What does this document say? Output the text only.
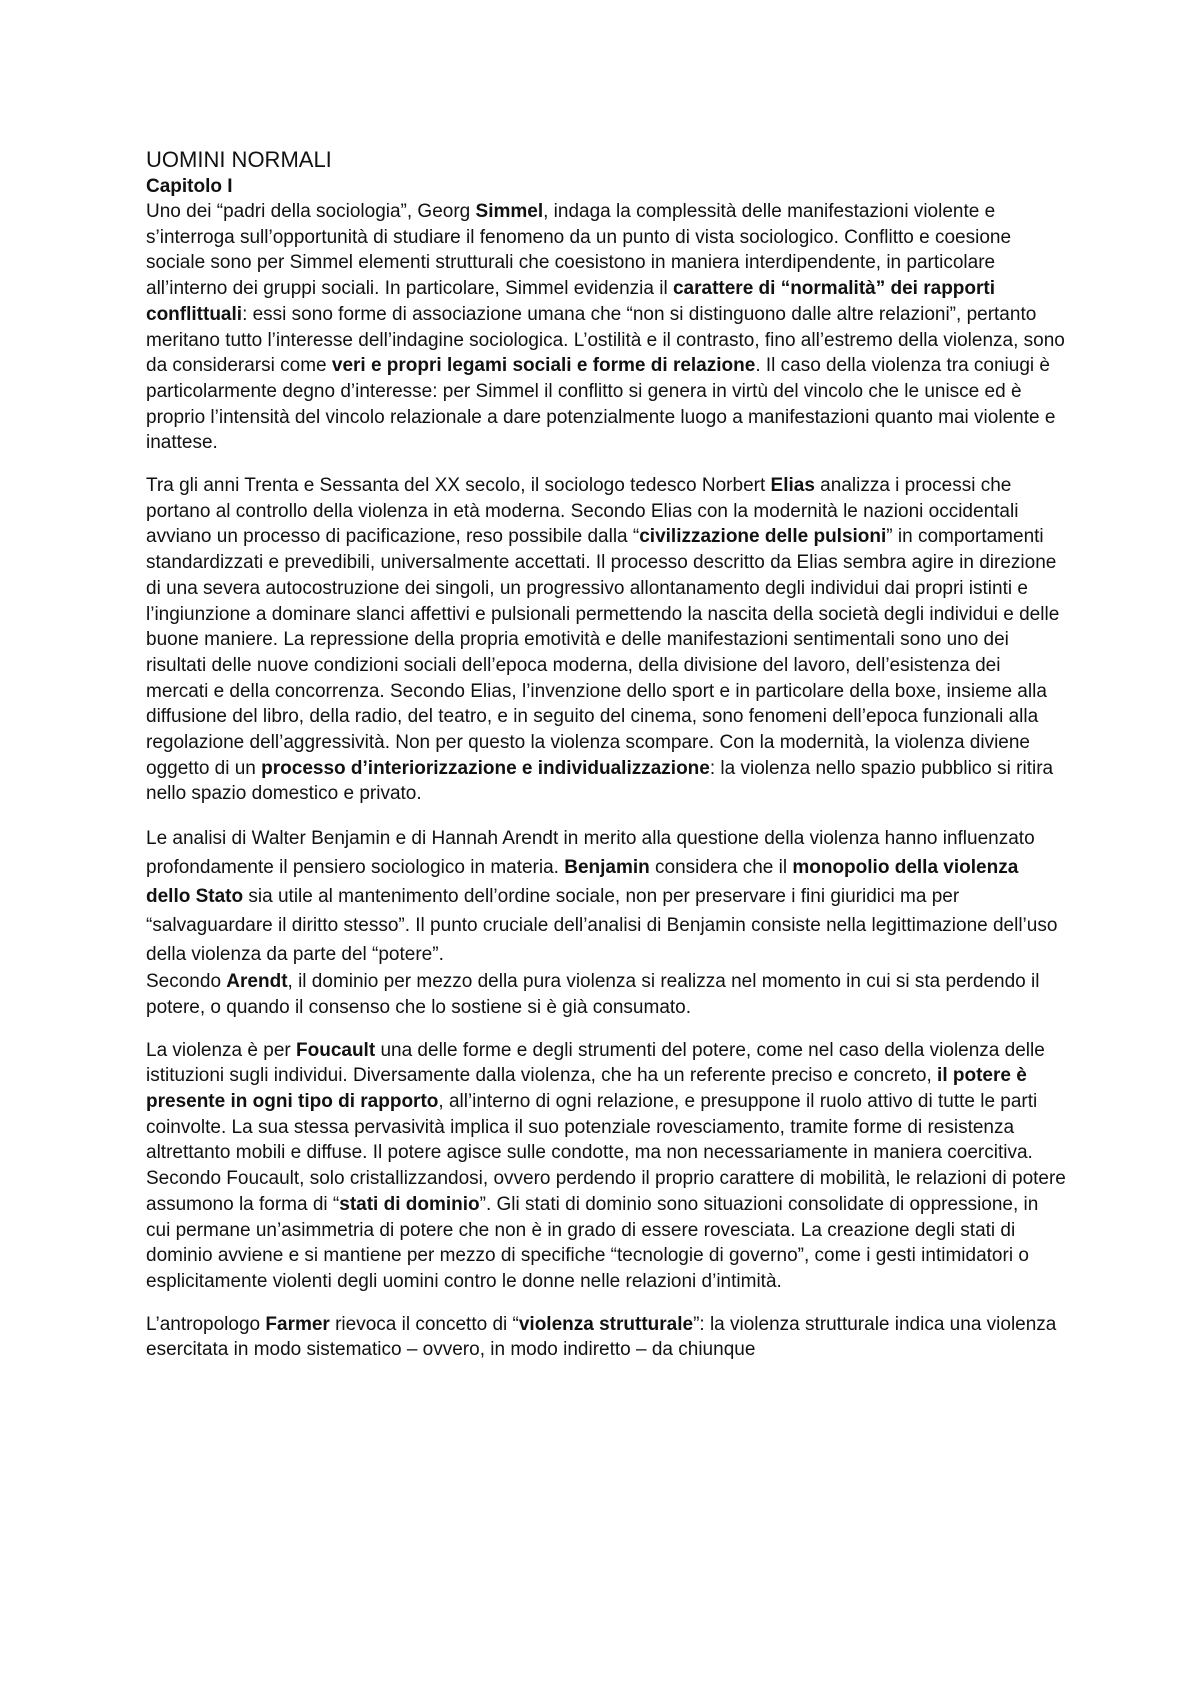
UOMINI NORMALI

Capitolo I

Uno dei “padri della sociologia”, Georg Simmel, indaga la complessità delle manifestazioni violente e s’interroga sull’opportunità di studiare il fenomeno da un punto di vista sociologico. Conflitto e coesione sociale sono per Simmel elementi strutturali che coesistono in maniera interdipendente, in particolare all’interno dei gruppi sociali. In particolare, Simmel evidenzia il carattere di “normalità” dei rapporti conflittuali: essi sono forme di associazione umana che “non si distinguono dalle altre relazioni”, pertanto meritano tutto l’interesse dell’indagine sociologica. L’ostilità e il contrasto, fino all’estremo della violenza, sono da considerarsi come veri e propri legami sociali e forme di relazione. Il caso della violenza tra coniugi è particolarmente degno d’interesse: per Simmel il conflitto si genera in virtù del vincolo che le unisce ed è proprio l’intensità del vincolo relazionale a dare potenzialmente luogo a manifestazioni quanto mai violente e inattese.

Tra gli anni Trenta e Sessanta del XX secolo, il sociologo tedesco Norbert Elias analizza i processi che portano al controllo della violenza in età moderna. Secondo Elias con la modernità le nazioni occidentali avviano un processo di pacificazione, reso possibile dalla “civilizzazione delle pulsioni” in comportamenti standardizzati e prevedibili, universalmente accettati. Il processo descritto da Elias sembra agire in direzione di una severa autocostruzione dei singoli, un progressivo allontanamento degli individui dai propri istinti e l’ingiunzione a dominare slanci affettivi e pulsionali permettendo la nascita della società degli individui e delle buone maniere. La repressione della propria emotività e delle manifestazioni sentimentali sono uno dei risultati delle nuove condizioni sociali dell’epoca moderna, della divisione del lavoro, dell’esistenza dei mercati e della concorrenza. Secondo Elias, l’invenzione dello sport e in particolare della boxe, insieme alla diffusione del libro, della radio, del teatro, e in seguito del cinema, sono fenomeni dell’epoca funzionali alla regolazione dell’aggressività. Non per questo la violenza scompare. Con la modernità, la violenza diviene oggetto di un processo d’interiorizzazione e individualizzazione: la violenza nello spazio pubblico si ritira nello spazio domestico e privato.

Le analisi di Walter Benjamin e di Hannah Arendt in merito alla questione della violenza hanno influenzato profondamente il pensiero sociologico in materia. Benjamin considera che il monopolio della violenza dello Stato sia utile al mantenimento dell’ordine sociale, non per preservare i fini giuridici ma per “salvaguardare il diritto stesso”. Il punto cruciale dell’analisi di Benjamin consiste nella legittimazione dell’uso della violenza da parte del “potere”.

Secondo Arendt, il dominio per mezzo della pura violenza si realizza nel momento in cui si sta perdendo il potere, o quando il consenso che lo sostiene si è già consumato.

La violenza è per Foucault una delle forme e degli strumenti del potere, come nel caso della violenza delle istituzioni sugli individui. Diversamente dalla violenza, che ha un referente preciso e concreto, il potere è presente in ogni tipo di rapporto, all’interno di ogni relazione, e presuppone il ruolo attivo di tutte le parti coinvolte. La sua stessa pervasività implica il suo potenziale rovesciamento, tramite forme di resistenza altrettanto mobili e diffuse. Il potere agisce sulle condotte, ma non necessariamente in maniera coercitiva. Secondo Foucault, solo cristallizzandosi, ovvero perdendo il proprio carattere di mobilità, le relazioni di potere assumono la forma di “stati di dominio”. Gli stati di dominio sono situazioni consolidate di oppressione, in cui permane un’asimmetria di potere che non è in grado di essere rovesciata. La creazione degli stati di dominio avviene e si mantiene per mezzo di specifiche “tecnologie di governo”, come i gesti intimidatori o esplicitamente violenti degli uomini contro le donne nelle relazioni d’intimità.

L’antropologo Farmer rievoca il concetto di “violenza strutturale”: la violenza strutturale indica una violenza esercitata in modo sistematico – ovvero, in modo indiretto – da chiunque
